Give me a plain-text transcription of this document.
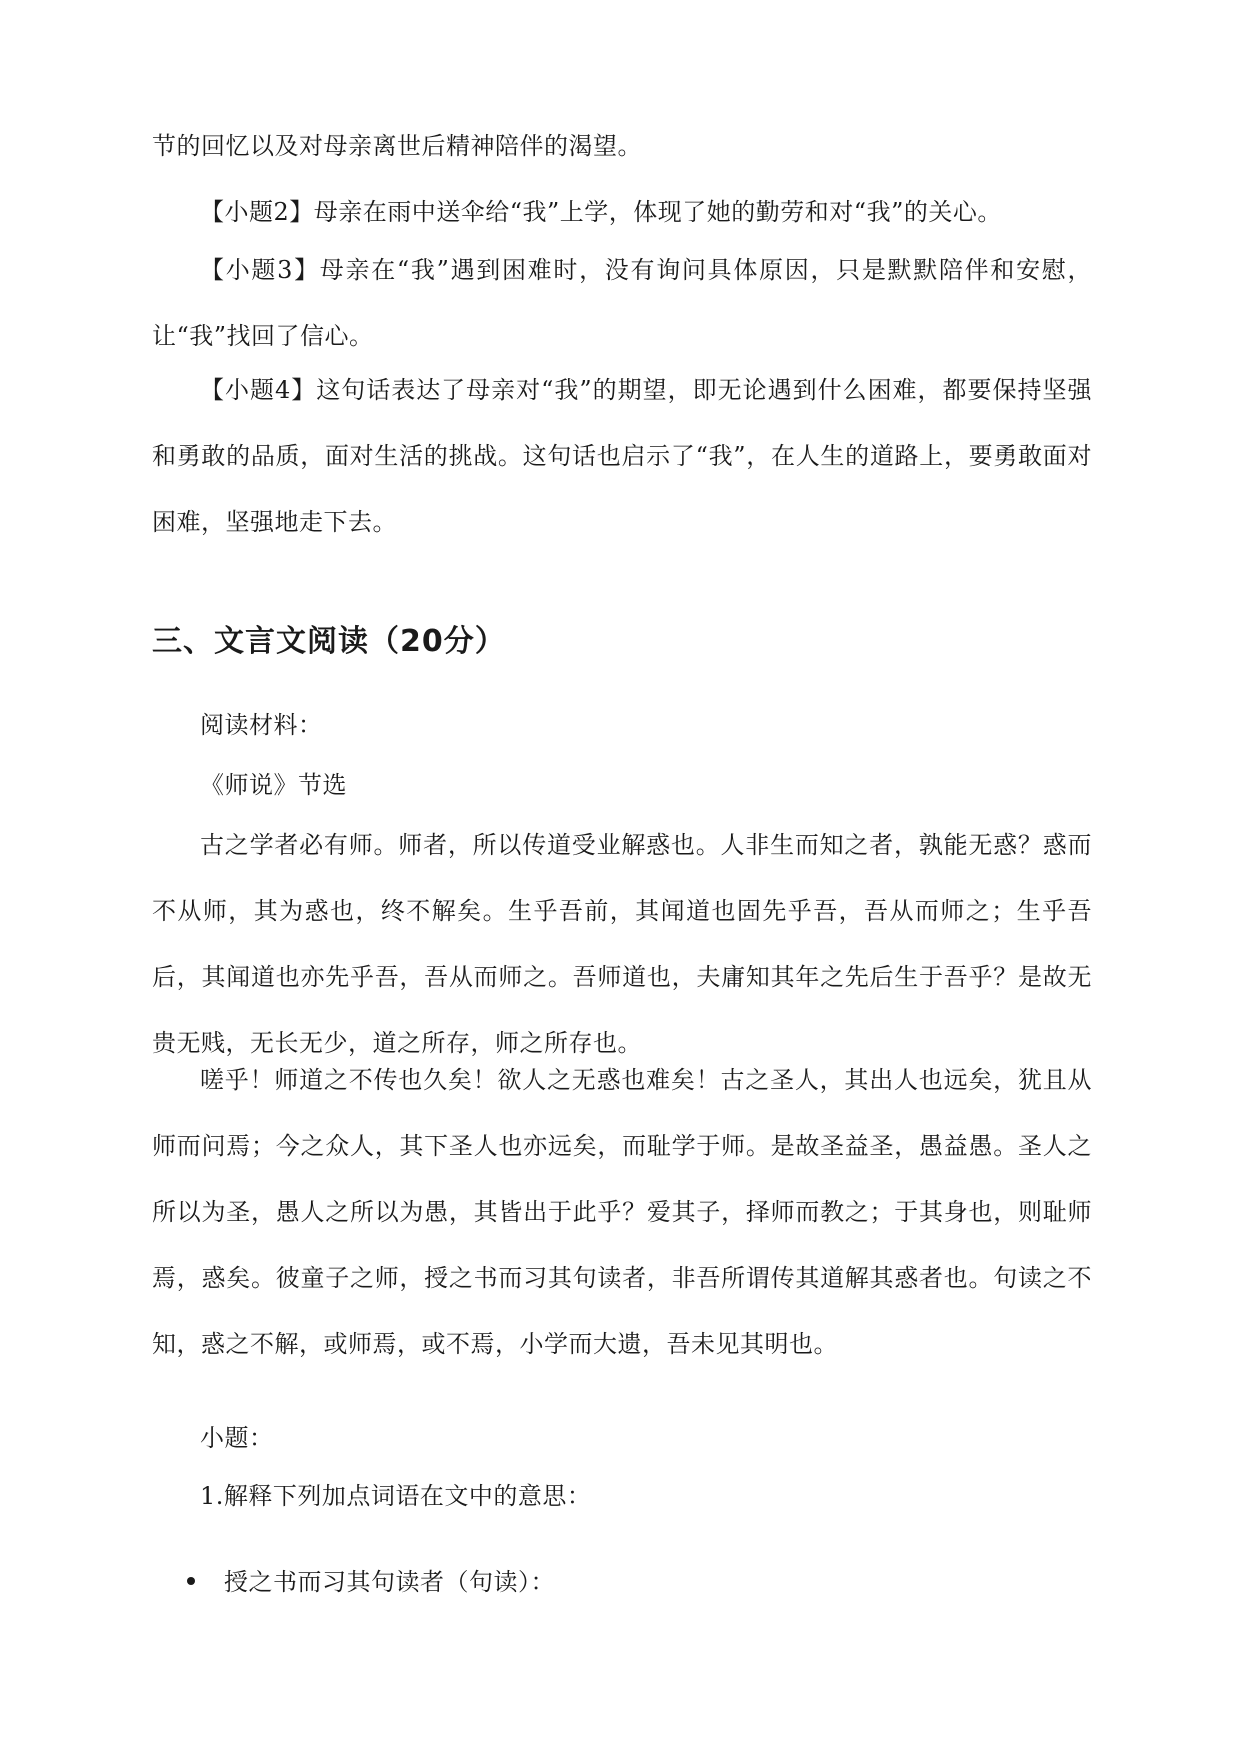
节的回忆以及对母亲离世后精神陪伴的渴望。

【小题2】母亲在雨中送伞给“我”上学，体现了她的勤劳和对“我”的关心。

【小题3】母亲在“我”遇到困难时，没有询问具体原因，只是默默陪伴和安慰，让“我”找回了信心。

【小题4】这句话表达了母亲对“我”的期望，即无论遇到什么困难，都要保持坚强和勇敢的品质，面对生活的挑战。这句话也启示了“我”，在人生的道路上，要勇敢面对困难，坚强地走下去。

三、文言文阅读（20分）

阅读材料：

《师说》节选

古之学者必有师。师者，所以传道受业解惑也。人非生而知之者，孰能无惑？惑而不从师，其为惑也，终不解矣。生乎吾前，其闻道也固先乎吾，吾从而师之；生乎吾后，其闻道也亦先乎吾，吾从而师之。吾师道也，夫庸知其年之先后生于吾乎？是故无贵无贱，无长无少，道之所存，师之所存也。

嗟乎！师道之不传也久矣！欲人之无惑也难矣！古之圣人，其出人也远矣，犹且从师而问焉；今之众人，其下圣人也亦远矣，而耻学于师。是故圣益圣，愚益愚。圣人之所以为圣，愚人之所以为愚，其皆出于此乎？爱其子，择师而教之；于其身也，则耻师焉，惑矣。彼童子之师，授之书而习其句读者，非吾所谓传其道解其惑者也。句读之不知，惑之不解，或师焉，或不焉，小学而大遗，吾未见其明也。

小题：

1.解释下列加点词语在文中的意思：

授之书而习其句读者（句读）：
